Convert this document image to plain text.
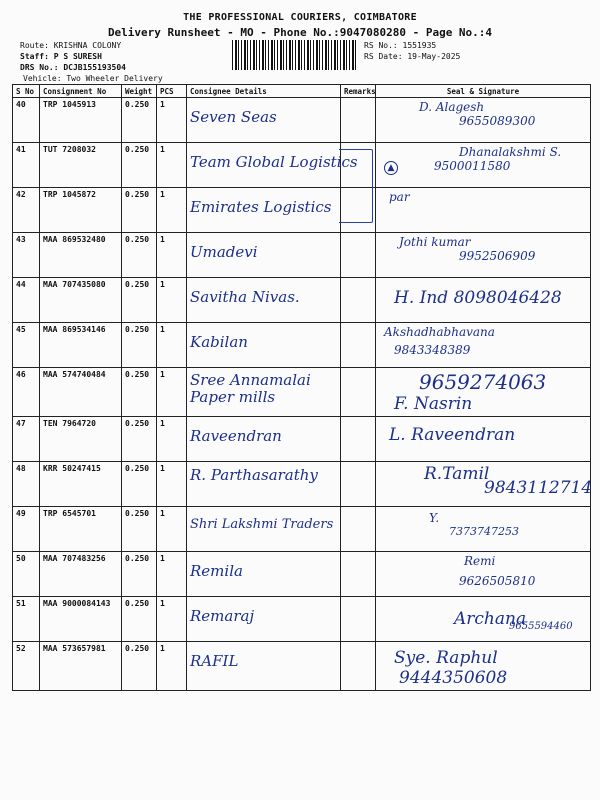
THE PROFESSIONAL COURIERS, COIMBATORE
Delivery Runsheet - MO - Phone No.:9047080280 - Page No.:4
Route: KRISHNA COLONY
Staff: P S SURESH
DRS No.: DCJB155193504
Vehicle: Two Wheeler Delivery
RS No.: 1551935
RS Date: 19-May-2025
S No	Consignment No	Weight	PCS	Consignee Details	Remarks	Seal & Signature
40	TRP 1045913	0.250	1	Seven Seas		D. Alagesh
9655089300

41	TUT 7208032	0.250	1	Team Global Logistics		Dhanalakshmi S.
▲ 9500011580

42	TRP 1045872	0.250	1	Emirates Logistics		par

43	MAA 869532480	0.250	1	Umadevi		Jothi kumar
9952506909

44	MAA 707435080	0.250	1	Savitha Nivas.		H. Ind 8098046428

45	MAA 869534146	0.250	1	Kabilan		Akshadhabhavana
9843348389

46	MAA 574740484	0.250	1	Sree Annamalai Paper mills		9659274063
F. Nasrin

47	TEN 7964720	0.250	1	Raveendran		L. Raveendran

48	KRR 50247415	0.250	1	R. Parthasarathy		R.Tamil
9843112714

49	TRP 6545701	0.250	1	Shri Lakshmi Traders		Y.
7373747253

50	MAA 707483256	0.250	1	Remila		Remi
9626505810

51	MAA 9000084143	0.250	1	Remaraj		Archana
9655594460

52	MAA 573657981	0.250	1	RAFIL		Sye. Raphul
9444350608
